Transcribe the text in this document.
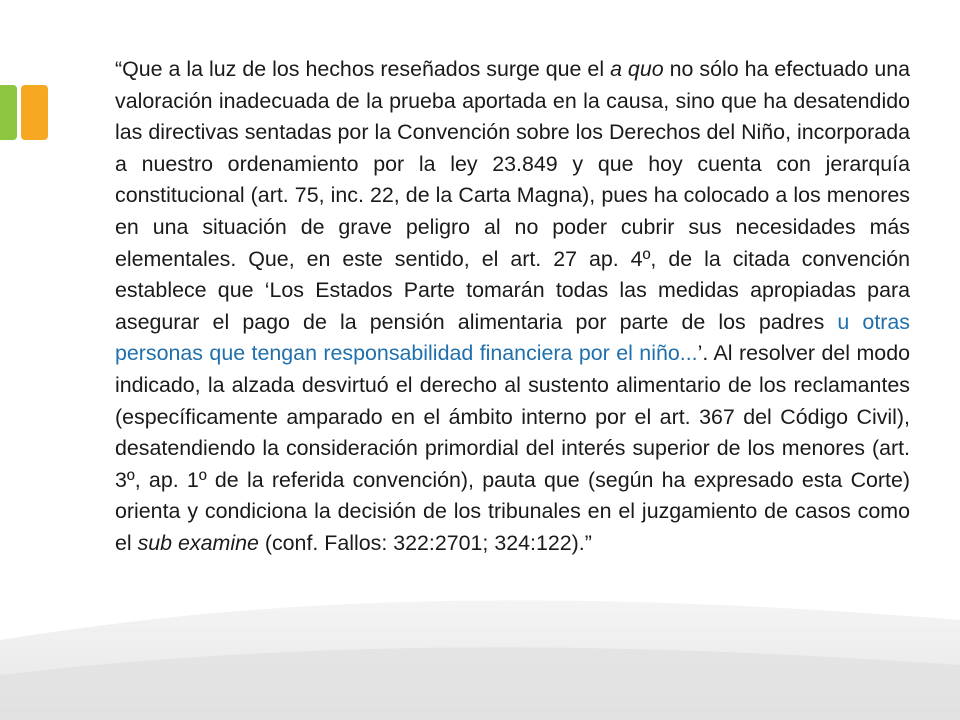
“Que a la luz de los hechos reseñados surge que el a quo no sólo ha efectuado una valoración inadecuada de la prueba aportada en la causa, sino que ha desatendido las directivas sentadas por la Convención sobre los Derechos del Niño, incorporada a nuestro ordenamiento por la ley 23.849 y que hoy cuenta con jerarquía constitucional (art. 75, inc. 22, de la Carta Magna), pues ha colocado a los menores en una situación de grave peligro al no poder cubrir sus necesidades más elementales. Que, en este sentido, el art. 27 ap. 4º, de la citada convención establece que ‘Los Estados Parte tomarán todas las medidas apropiadas para asegurar el pago de la pensión alimentaria por parte de los padres u otras personas que tengan responsabilidad financiera por el niño...’. Al resolver del modo indicado, la alzada desvirtuó el derecho al sustento alimentario de los reclamantes (específicamente amparado en el ámbito interno por el art. 367 del Código Civil), desatendiendo la consideración primordial del interés superior de los menores (art. 3º, ap. 1º de la referida convención), pauta que (según ha expresado esta Corte) orienta y condiciona la decisión de los tribunales en el juzgamiento de casos como el sub examine (conf. Fallos: 322:2701; 324:122).”
